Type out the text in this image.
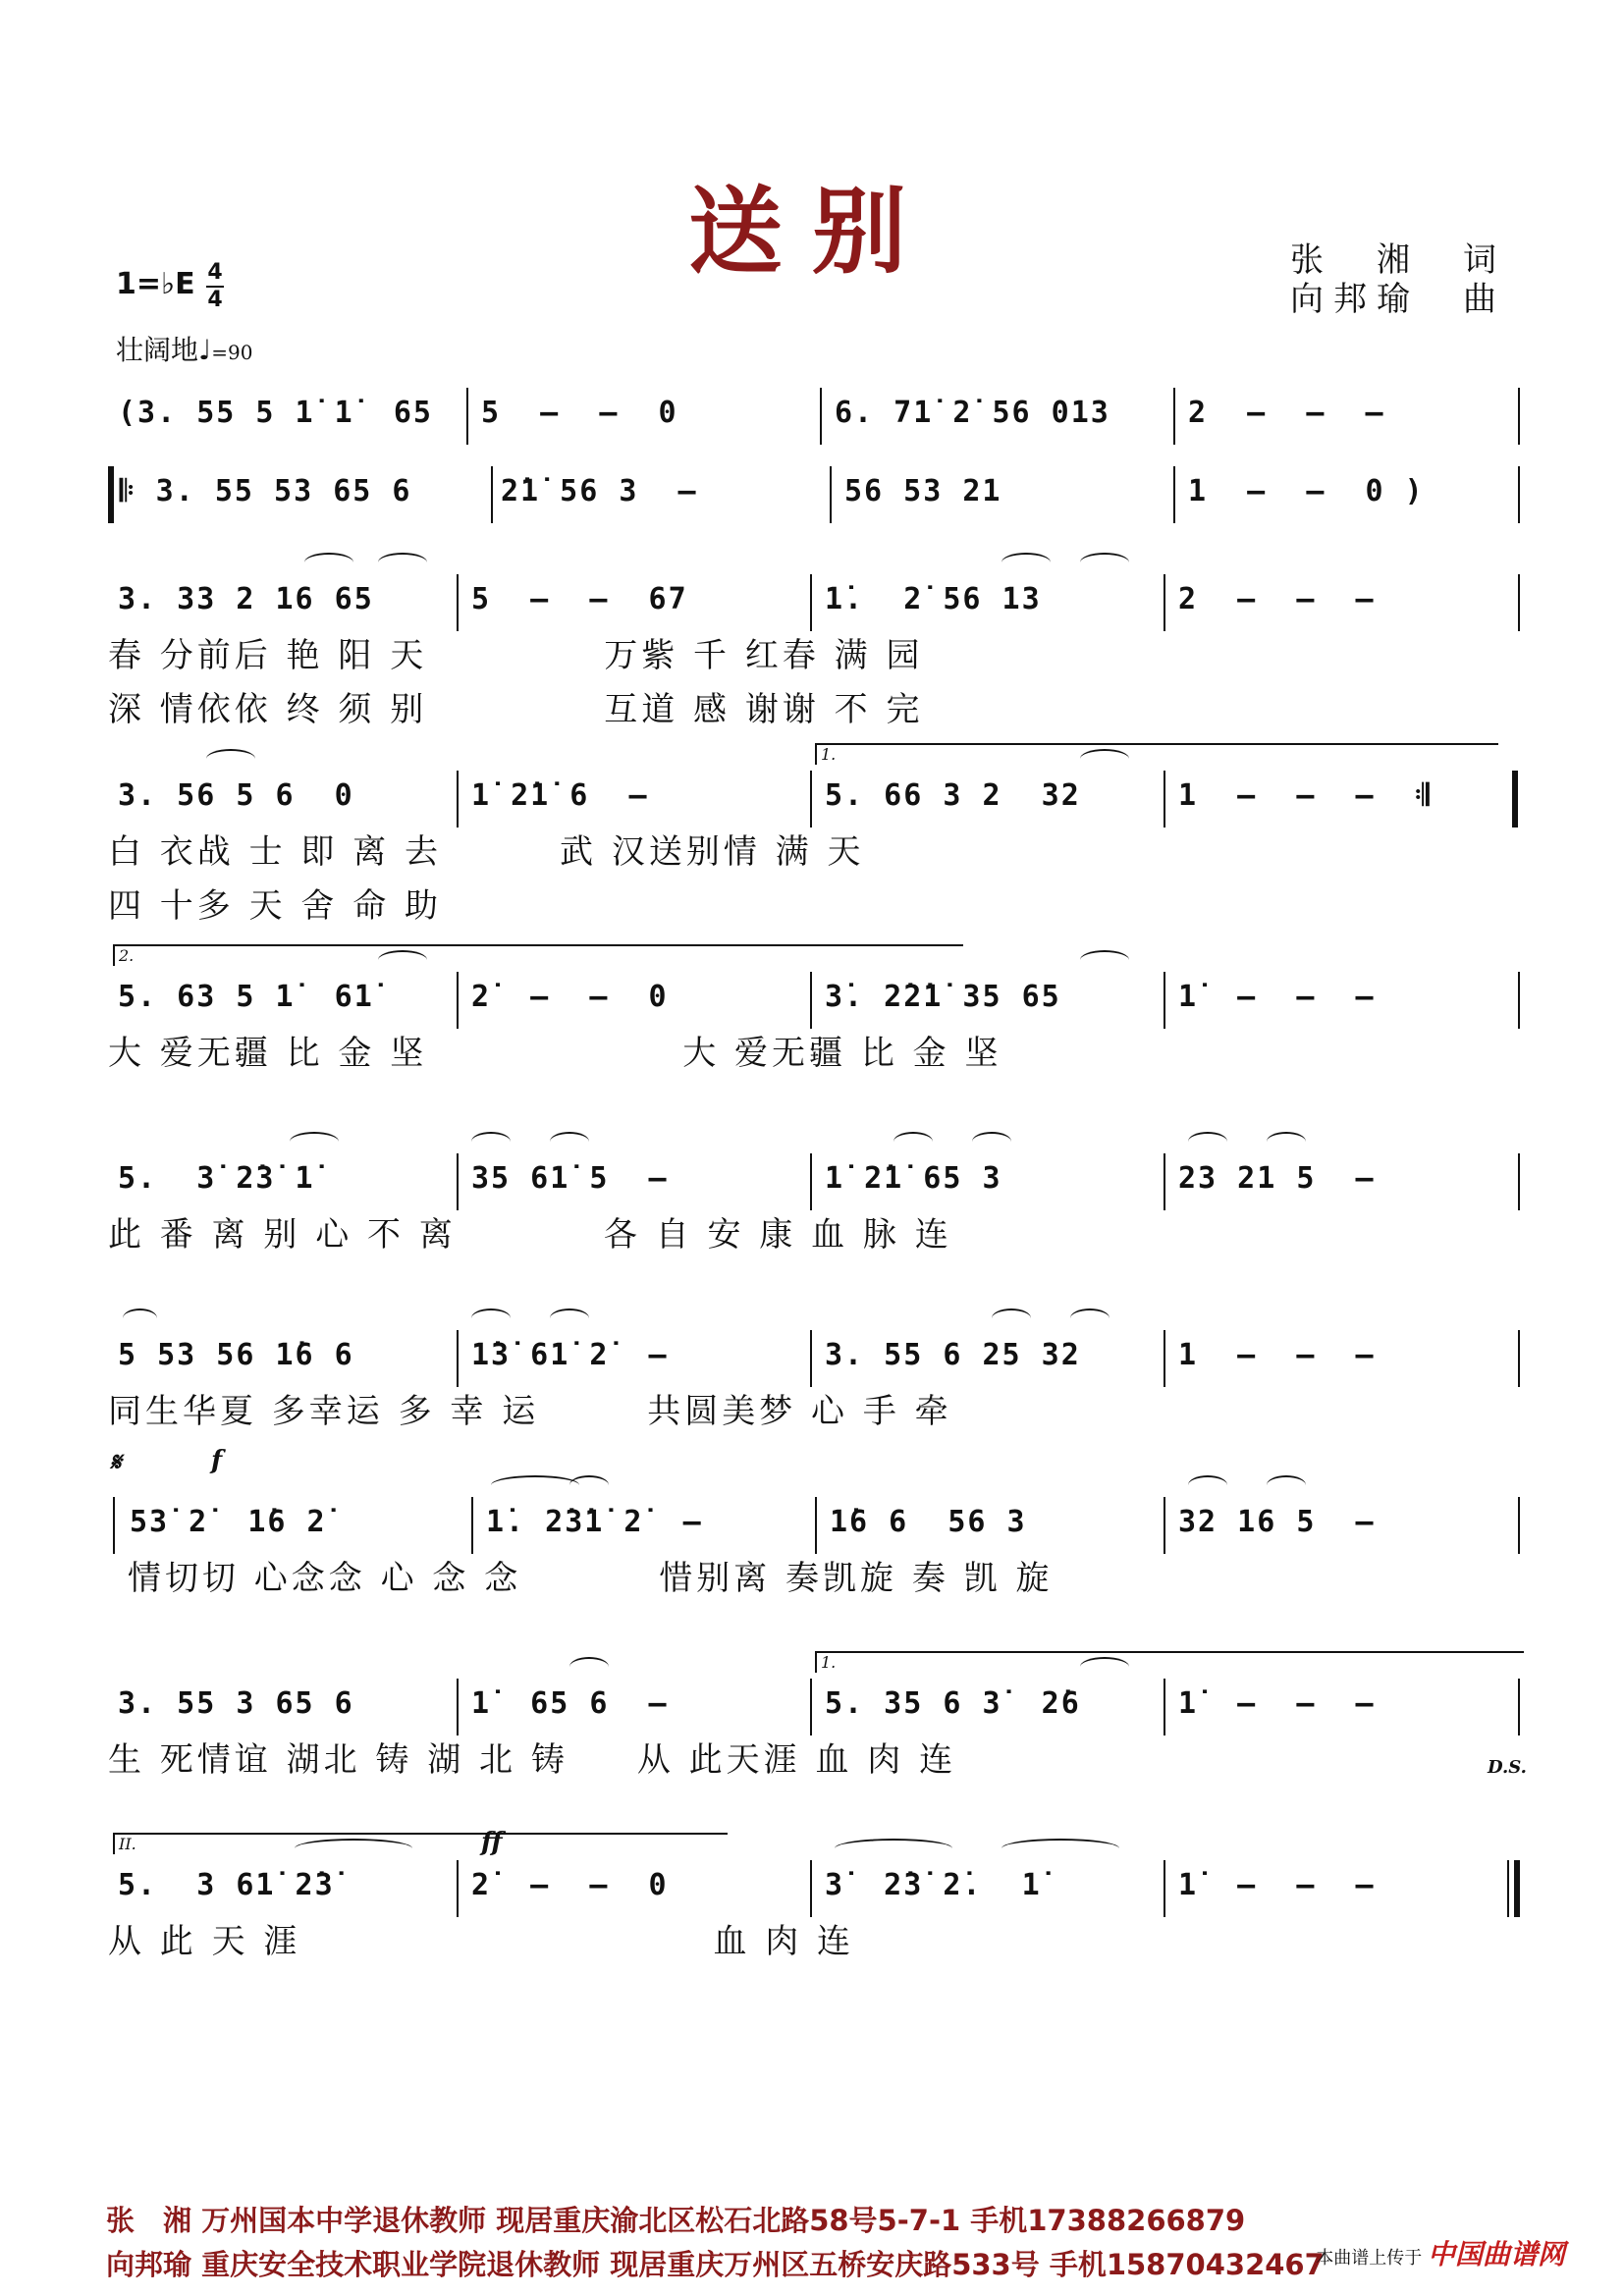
送别	张　湘　词
向邦瑜　曲
1=♭E 4
4
壮阔地♩=90
(3. 55 5 1̇ 1̇  65 5  –  –  0	6. 71̇ 2̇ 56 013	2  –  –  –
𝄆 3. 55 53 65 6	2̇1̇ 56 3  –	56 53 21	1  –  –  0 )
3. 33 2 16 65	5  –  –  67	1̇.  2̇ 56 13	2  –  –  –
春 分前后 艳 阳 天	万紫 千 红春 满 园
深 情依依 终 须 别	互道 感 谢谢 不 完
1.
3. 56 5 6  0	1̇ 2̇1̇ 6  –	5. 66 3 2  32	1  –  –  –  𝄇
白 衣战 士 即 离 去	武 汉送别情 满 天
四 十多 天 舍 命 助
2.
5. 63 5 1̇  61̇	2̇  –  –  0	3̇. 2̇2̇1̇ 35 65	1̇  –  –  –
大 爱无疆 比 金 坚	大 爱无疆 比 金 坚
5.  3̇ 2̇3̇ 1̇	35 61̇ 5  –	1̇ 2̇1̇ 65 3	23 21 5  –
此 番 离 别 心 不 离	各 自 安 康 血 脉 连
5 53 56 1̇6 6	1̇3̇ 61̇ 2̇  –	3. 55 6 25 32	1  –  –  –
同生华夏 多幸运 多 幸 运	共圆美梦 心 手 牵
𝄋	f
53̇ 2̇  1̇6 2̇	1̇. 2̇3̇1̇ 2̇  –	1̇6 6  56 3	32 16 5  –
情切切 心念念 心 念 念	惜别离 奏凯旋 奏 凯 旋
1.
3. 55 3 65 6	1̇  65 6  –	5. 35 6 3̇  2̇6	1̇  –  –  –
生 死情谊 湖北 铸 湖 北 铸 从 此天涯 血 肉 连	D.S.
ff
II.
5.  3 61̇ 2̇3̇	2̇  –  –  0	3̇  2̇3̇ 2̇.  1̇	1̇  –  –  –
从 此 天 涯	血 肉 连
张　湘 万州国本中学退休教师 现居重庆渝北区松石北路58号5-7-1 手机17388266879
向邦瑜 重庆安全技术职业学院退休教师 现居重庆万州区五桥安庆路533号 手机15870432467
本曲谱上传于 中国曲谱网
